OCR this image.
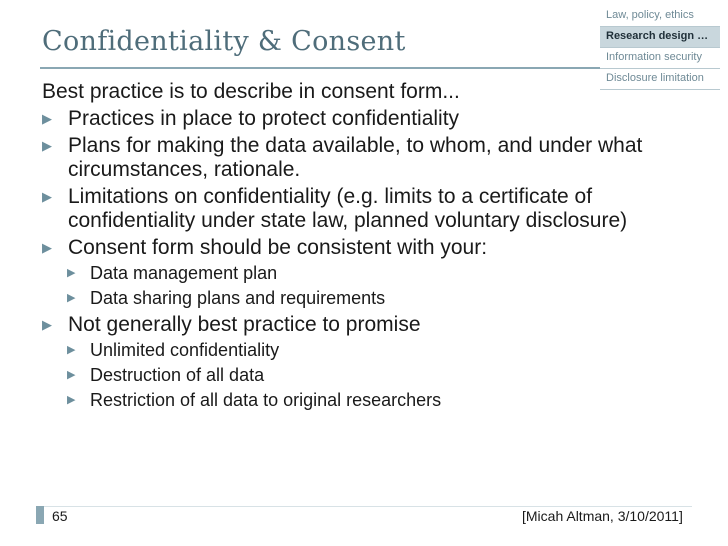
Confidentiality & Consent
Law, policy, ethics
Research design …
Information security
Disclosure limitation
Best practice is to describe in consent form...
▶ Practices in place to protect confidentiality
▶ Plans for making the data available, to whom, and under what circumstances, rationale.
▶ Limitations on confidentiality (e.g. limits to a certificate of confidentiality under state law, planned voluntary disclosure)
▶ Consent form should be consistent with your:
▶ Data management plan
▶ Data sharing plans and requirements
▶ Not generally best practice to promise
▶ Unlimited confidentiality
▶ Destruction of all data
▶ Restriction of all data to original researchers
65	[Micah Altman, 3/10/2011]
